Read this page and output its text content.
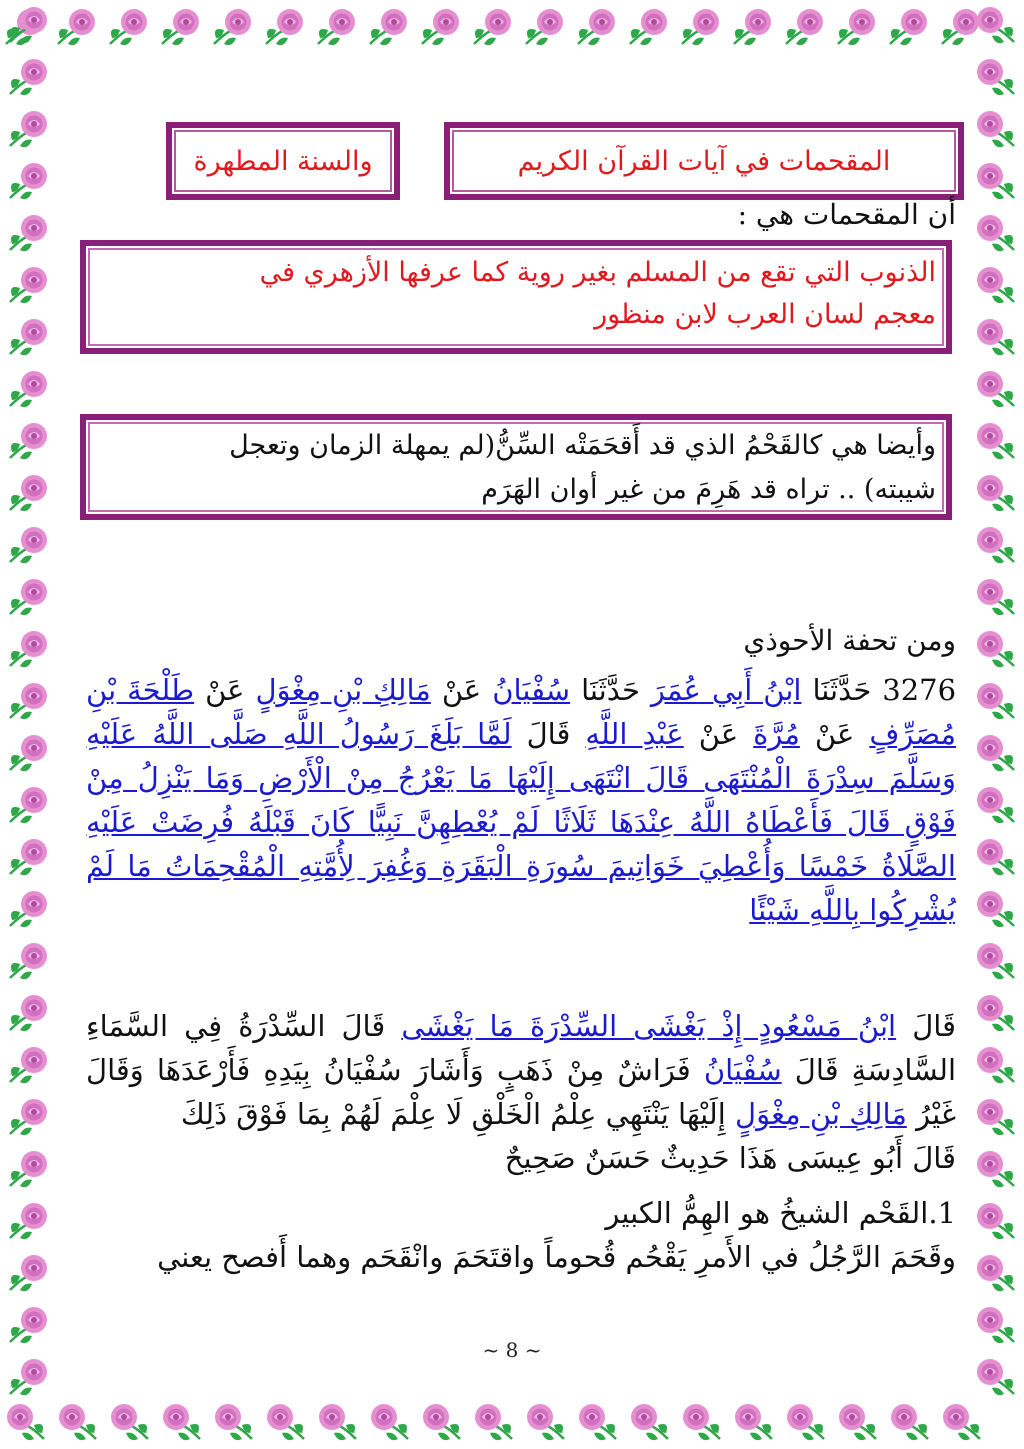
والسنة المطهرة	المقحمات في آيات القرآن الكريم
أن المقحمات هي :
الذنوب التي تقع من المسلم بغير روية كما عرفها الأزهري في
معجم لسان العرب لابن منظور
وأيضا هي كالقَحْمُ الذي قد أَقحَمَتْه السِّنُّ(لم يمهلة الزمان وتعجل
شيبته) .. تراه قد هَرِمَ من غير أوان الهَرَم
ومن تحفة الأحوذي
3276 حَدَّثَنَا ابْنُ أَبِي عُمَرَ حَدَّثَنَا سُفْيَانُ عَنْ مَالِكِ بْنِ مِغْوَلٍ عَنْ طَلْحَةَ بْنِ مُصَرِّفٍ عَنْ مُرَّةَ عَنْ عَبْدِ اللَّهِ قَالَ لَمَّا بَلَغَ رَسُولُ اللَّهِ صَلَّى اللَّهُ عَلَيْهِ وَسَلَّمَ سِدْرَةَ الْمُنْتَهَى قَالَ انْتَهَى إِلَيْهَا مَا يَعْرُجُ مِنْ الْأَرْضِ وَمَا يَنْزِلُ مِنْ فَوْقٍ قَالَ فَأَعْطَاهُ اللَّهُ عِنْدَهَا ثَلَاثًا لَمْ يُعْطِهِنَّ نَبِيًّا كَانَ قَبْلَهُ فُرِضَتْ عَلَيْهِ الصَّلَاةُ خَمْسًا وَأُعْطِيَ خَوَاتِيمَ سُورَةِ الْبَقَرَةِ وَغُفِرَ لِأُمَّتِهِ الْمُقْحِمَاتُ مَا لَمْ يُشْرِكُوا بِاللَّهِ شَيْئًا
قَالَ ابْنُ مَسْعُودٍ إِذْ يَغْشَى السِّدْرَةَ مَا يَغْشَى قَالَ السِّدْرَةُ فِي السَّمَاءِ السَّادِسَةِ قَالَ سُفْيَانُ فَرَاشٌ مِنْ ذَهَبٍ وَأَشَارَ سُفْيَانُ بِيَدِهِ فَأَرْعَدَهَا وَقَالَ غَيْرُ مَالِكِ بْنِ مِغْوَلٍ إِلَيْهَا يَنْتَهِي عِلْمُ الْخَلْقِ لَا عِلْمَ لَهُمْ بِمَا فَوْقَ ذَلِكَ
قَالَ أَبُو عِيسَى هَذَا حَدِيثٌ حَسَنٌ صَحِيحٌ
1.القَحْم الشيخُ هو الهِمُّ الكبير
وقَحَمَ الرَّجُلُ في الأَمرِ يَقْحُم قُحوماً واقتَحَمَ وانْقَحَم وهما أَفصح يعني
~ 8 ~
